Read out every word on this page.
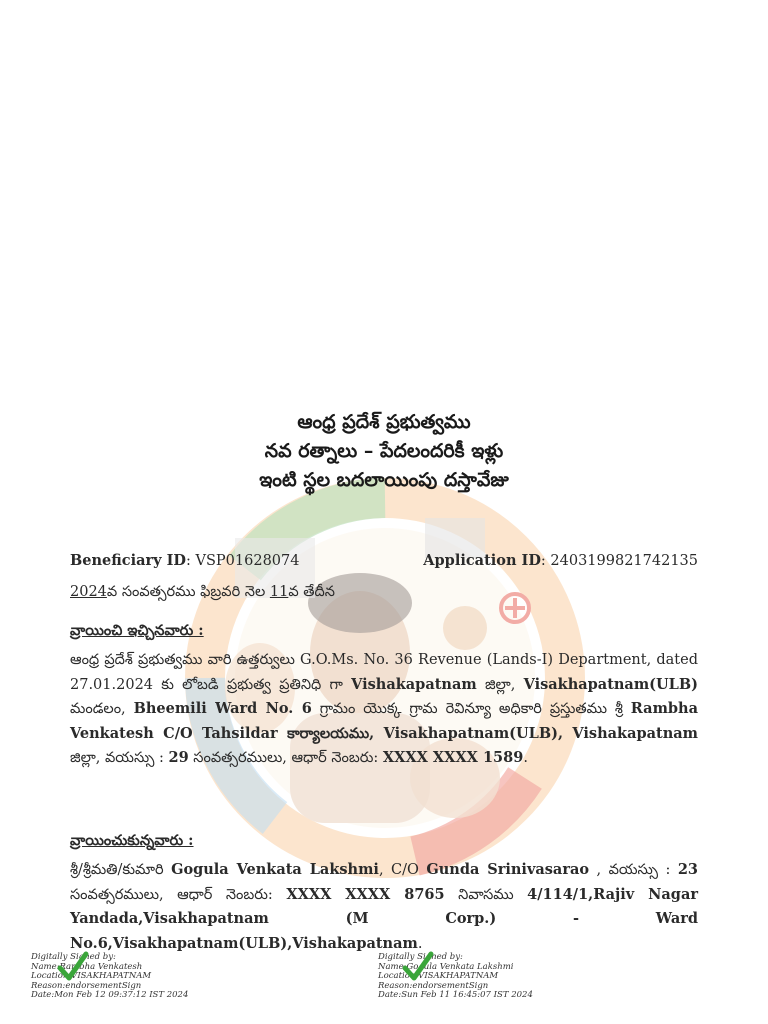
ఆంధ్ర ప్రదేశ్ ప్రభుత్వము
నవ రత్నాలు – పేదలందరికీ ఇళ్లు
ఇంటి స్థల బదలాయింపు దస్తావేజు
Beneficiary ID: VSP01628074	Application ID: 2403199821742135
2024వ సంవత్సరము ఫిబ్రవరి నెల 11వ తేదీన
వ్రాయించి ఇచ్చినవారు :
ఆంధ్ర ప్రదేశ్ ప్రభుత్వము వారి ఉత్తర్వులు G.O.Ms. No. 36 Revenue (Lands-I) Department, dated 27.01.2024 కు లోబడి ప్రభుత్వ ప్రతినిధి గా Vishakapatnam జిల్లా, Visakhapatnam(ULB) మండలం, Bheemili Ward No. 6 గ్రామం యొక్క గ్రామ రెవిన్యూ అధికారి ప్రస్తుతము శ్రీ Rambha Venkatesh C/O Tahsildar కార్యాలయము, Visakhapatnam(ULB), Vishakapatnam జిల్లా, వయస్సు : 29 సంవత్సరములు, ఆధార్ నెంబరు: XXXX XXXX 1589.
వ్రాయించుకున్నవారు :
శ్రీ/శ్రీమతి/కుమారి Gogula Venkata Lakshmi, C/O Gunda Srinivasarao , వయస్సు : 23 సంవత్సరములు, ఆధార్ నెంబరు: XXXX XXXX 8765 నివాసము 4/114/1,Rajiv Nagar Yandada,Visakhapatnam (M Corp.) - Ward No.6,Visakhapatnam(ULB),Vishakapatnam.
Digitally Signed by:
Name:Rambha Venkatesh
Location:VISAKHAPATNAM
Reason:endorsementSign
Date:Mon Feb 12 09:37:12 IST 2024
Digitally Signed by:
Name:Gogula Venkata Lakshmi
Location:VISAKHAPATNAM
Reason:endorsementSign
Date:Sun Feb 11 16:45:07 IST 2024
